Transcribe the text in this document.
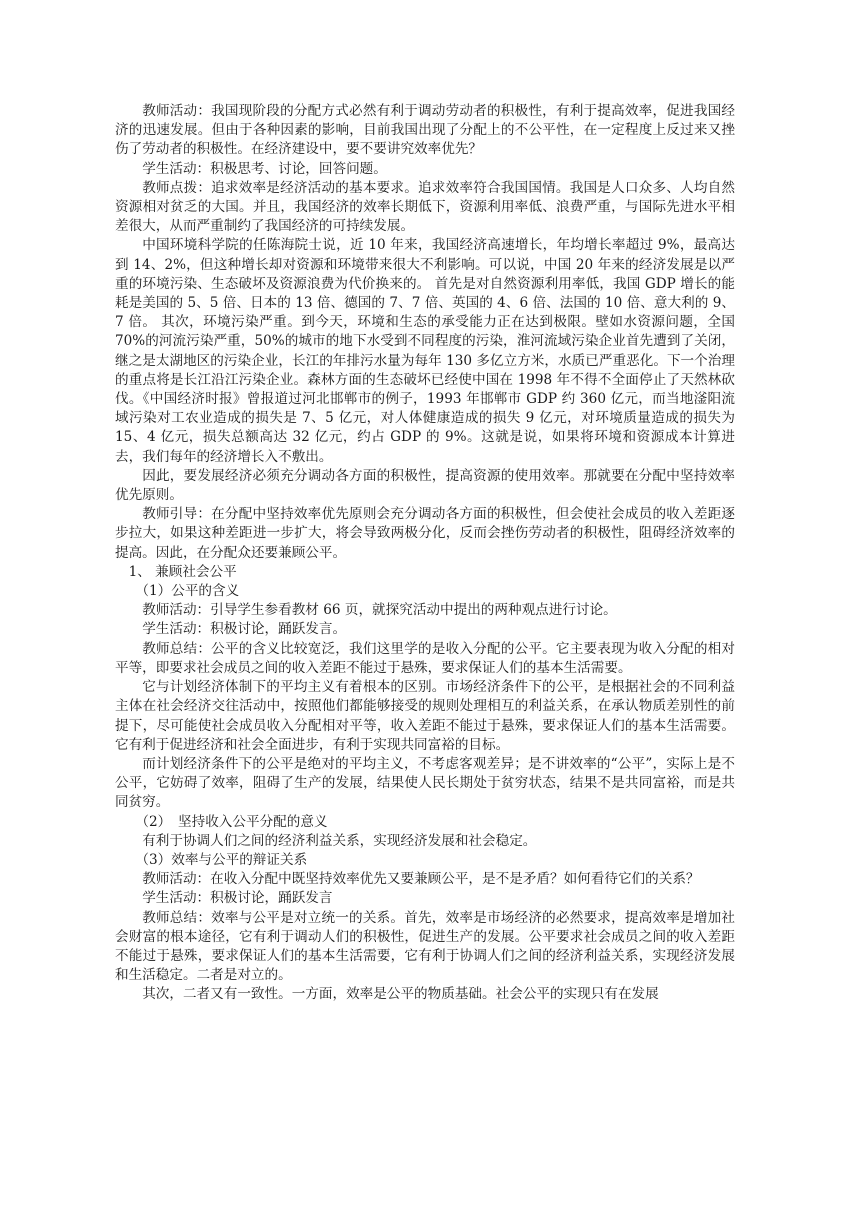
教师活动：我国现阶段的分配方式必然有利于调动劳动者的积极性，有利于提高效率，促进我国经济的迅速发展。但由于各种因素的影响，目前我国出现了分配上的不公平性，在一定程度上反过来又挫伤了劳动者的积极性。在经济建设中，要不要讲究效率优先？

学生活动：积极思考、讨论，回答问题。

教师点拨：追求效率是经济活动的基本要求。追求效率符合我国国情。我国是人口众多、人均自然资源相对贫乏的大国。并且，我国经济的效率长期低下，资源利用率低、浪费严重，与国际先进水平相差很大，从而严重制约了我国经济的可持续发展。

中国环境科学院的任陈海院士说，近 10 年来，我国经济高速增长，年均增长率超过 9%，最高达到 14、2%，但这种增长却对资源和环境带来很大不利影响。可以说，中国 20 年来的经济发展是以严重的环境污染、生态破坏及资源浪费为代价换来的。 首先是对自然资源利用率低，我国 GDP 增长的能耗是美国的 5、5 倍、日本的 13 倍、德国的 7、7 倍、英国的 4、6 倍、法国的 10 倍、意大利的 9、7 倍。 其次，环境污染严重。到今天，环境和生态的承受能力正在达到极限。壁如水资源问题，全国 70%的河流污染严重，50%的城市的地下水受到不同程度的污染，淮河流域污染企业首先遭到了关闭，继之是太湖地区的污染企业，长江的年排污水量为每年 130 多亿立方米，水质已严重恶化。下一个治理的重点将是长江沿江污染企业。森林方面的生态破坏已经使中国在 1998 年不得不全面停止了天然林砍伐。《中国经济时报》曾报道过河北邯郸市的例子，1993 年邯郸市 GDP 约 360 亿元，而当地滏阳流域污染对工农业造成的损失是 7、5 亿元，对人体健康造成的损失 9 亿元，对环境质量造成的损失为 15、4 亿元，损失总额高达 32 亿元，约占 GDP 的 9%。这就是说，如果将环境和资源成本计算进去，我们每年的经济增长入不敷出。

因此，要发展经济必须充分调动各方面的积极性，提高资源的使用效率。那就要在分配中坚持效率优先原则。

教师引导：在分配中坚持效率优先原则会充分调动各方面的积极性，但会使社会成员的收入差距逐步拉大，如果这种差距进一步扩大，将会导致两极分化，反而会挫伤劳动者的积极性，阻碍经济效率的提高。因此，在分配众还要兼顾公平。

1、 兼顾社会公平

（1）公平的含义

教师活动：引导学生参看教材 66 页，就探究活动中提出的两种观点进行讨论。

学生活动：积极讨论，踊跃发言。

教师总结：公平的含义比较宽泛，我们这里学的是收入分配的公平。它主要表现为收入分配的相对平等，即要求社会成员之间的收入差距不能过于悬殊，要求保证人们的基本生活需要。

它与计划经济体制下的平均主义有着根本的区别。市场经济条件下的公平，是根据社会的不同利益主体在社会经济交往活动中，按照他们都能够接受的规则处理相互的利益关系，在承认物质差别性的前提下，尽可能使社会成员收入分配相对平等，收入差距不能过于悬殊，要求保证人们的基本生活需要。它有利于促进经济和社会全面进步，有利于实现共同富裕的目标。

而计划经济条件下的公平是绝对的平均主义，不考虑客观差异；是不讲效率的“公平”，实际上是不公平，它妨碍了效率，阻碍了生产的发展，结果使人民长期处于贫穷状态，结果不是共同富裕，而是共同贫穷。

（2）　坚持收入公平分配的意义

有利于协调人们之间的经济利益关系，实现经济发展和社会稳定。

（3）效率与公平的辩证关系

教师活动：在收入分配中既坚持效率优先又要兼顾公平，是不是矛盾？如何看待它们的关系？

学生活动：积极讨论，踊跃发言

教师总结：效率与公平是对立统一的关系。首先，效率是市场经济的必然要求，提高效率是增加社会财富的根本途径，它有利于调动人们的积极性，促进生产的发展。公平要求社会成员之间的收入差距不能过于悬殊，要求保证人们的基本生活需要，它有利于协调人们之间的经济利益关系，实现经济发展和生活稳定。二者是对立的。

其次，二者又有一致性。一方面，效率是公平的物质基础。社会公平的实现只有在发展
